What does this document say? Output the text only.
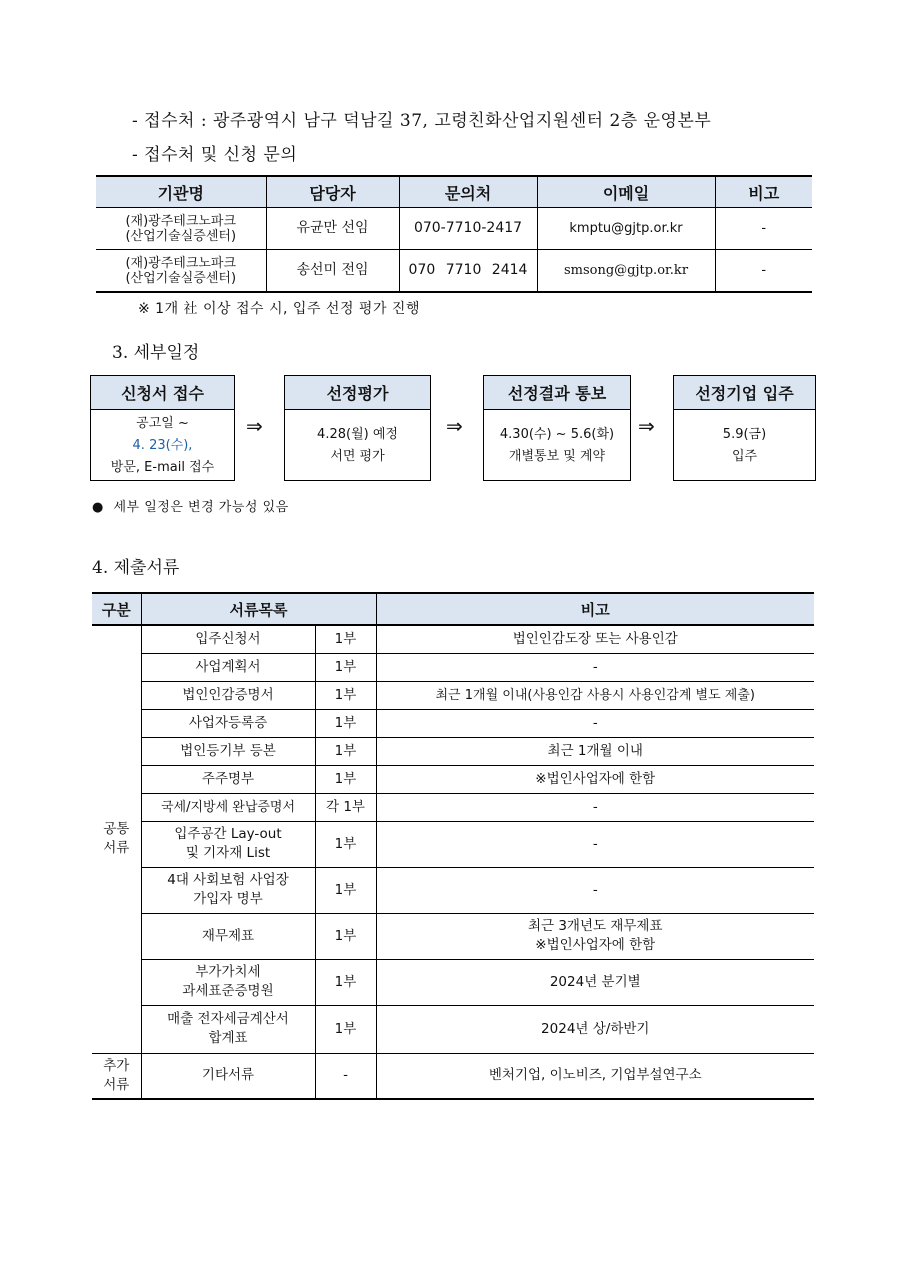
- 접수처 : 광주광역시 남구 덕남길 37, 고령친화산업지원센터 2층 운영본부
- 접수처 및 신청 문의
기관명	담당자	문의처	이메일	비고

(재)광주테크노파크
(산업기술실증센터)	유균만 선임	070-7710-2417	kmptu@gjtp.or.kr	-

(재)광주테크노파크
(산업기술실증센터)	송선미 전임	070 7710 2414	smsong@gjtp.or.kr	-
※ 1개 社 이상 접수 시, 입주 선정 평가 진행
3. 세부일정
신청서 접수
공고일 ~
4. 23(수),
방문, E-mail 접수
⇒
선정평가
4.28(월) 예정
서면 평가
⇒
선정결과 통보
4.30(수) ~ 5.6(화)
개별통보 및 계약
⇒
선정기업 입주
5.9(금)
입주
● 세부 일정은 변경 가능성 있음
4. 제출서류
구분	서류목록		비고

공통
서류	입주신청서	1부	법인인감도장 또는 사용인감
	사업계획서	1부	-
	법인인감증명서	1부	최근 1개월 이내(사용인감 사용시 사용인감계 별도 제출)
	사업자등록증	1부	-
	법인등기부 등본	1부	최근 1개월 이내
	주주명부	1부	※법인사업자에 한함
	국세/지방세 완납증명서	각 1부	-

	입주공간 Lay-out
및 기자재 List	1부	-

	4대 사회보험 사업장
가입자 명부	1부	-
	재무제표	1부	최근 3개년도 재무제표
※법인사업자에 한함

	부가가치세
과세표준증명원	1부	2024년 분기별

	매출 전자세금계산서
합계표	1부	2024년 상/하반기

추가
서류	기타서류	-	벤처기업, 이노비즈, 기업부설연구소
